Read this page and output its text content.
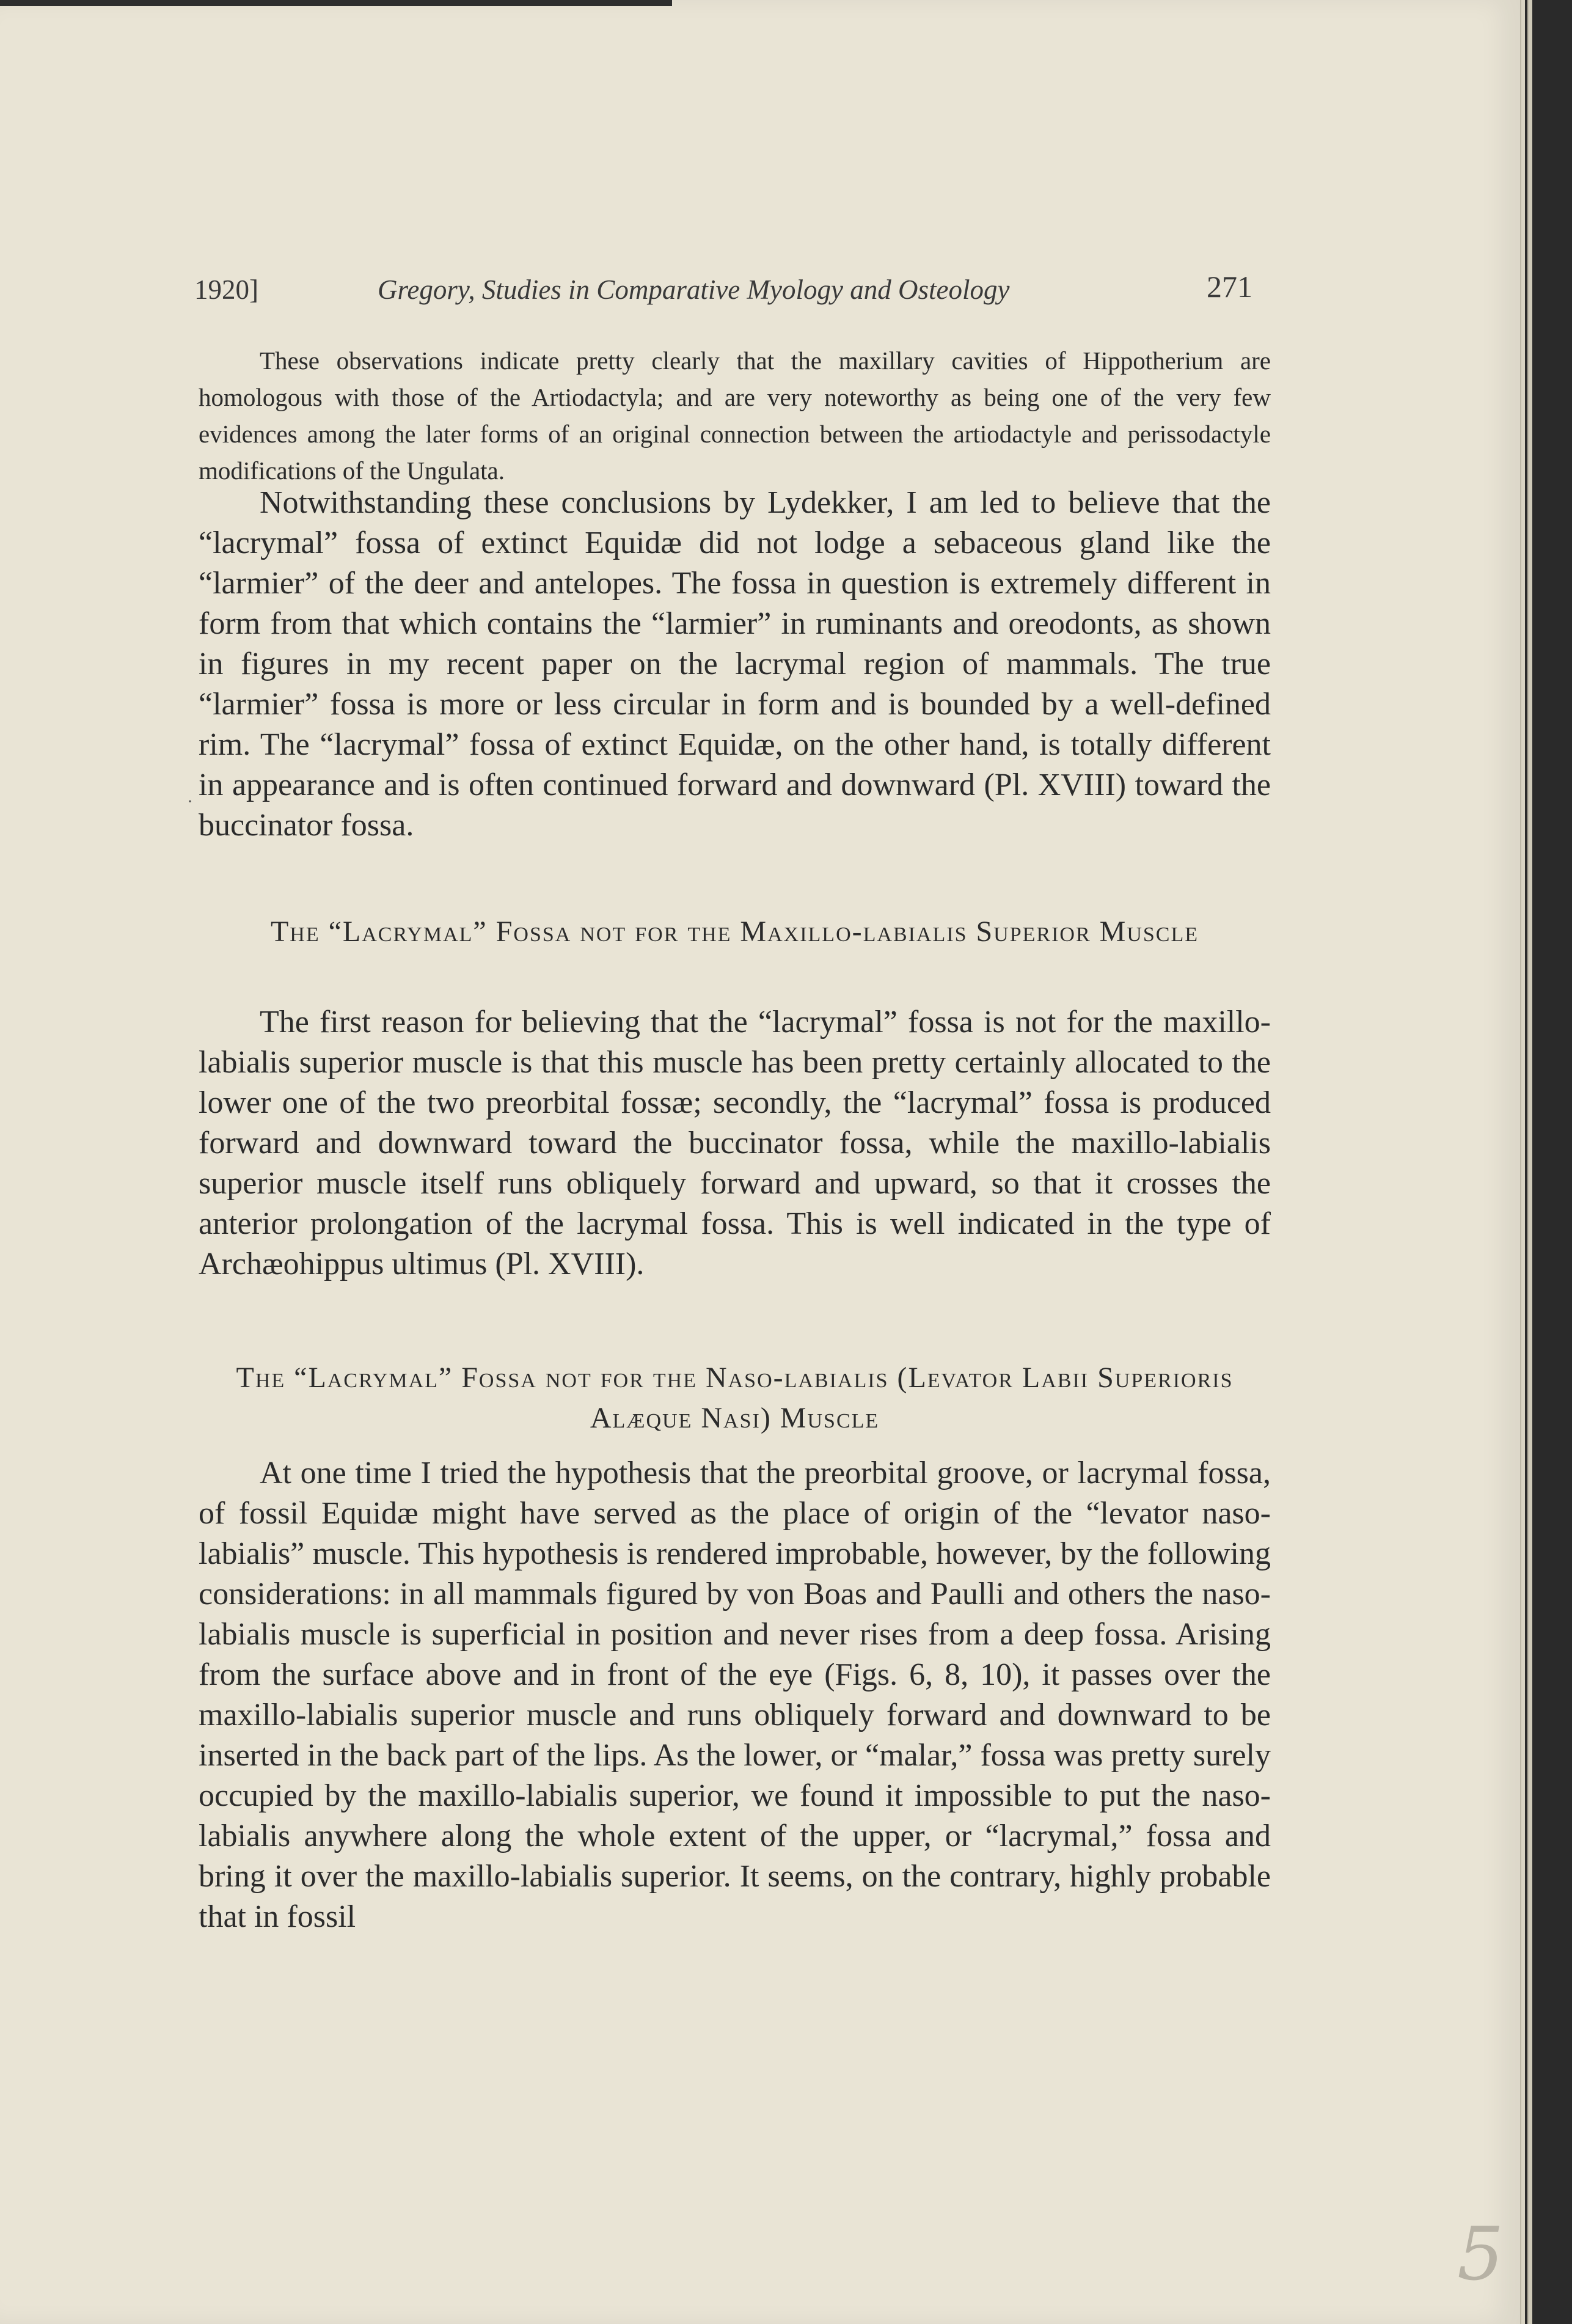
1920]	Gregory, Studies in Comparative Myology and Osteology	271
These observations indicate pretty clearly that the maxillary cavities of Hippotherium are homologous with those of the Artiodactyla; and are very noteworthy as being one of the very few evidences among the later forms of an original connection between the artiodactyle and perissodactyle modifications of the Ungulata.
Notwithstanding these conclusions by Lydekker, I am led to believe that the “lacrymal” fossa of extinct Equidæ did not lodge a sebaceous gland like the “larmier” of the deer and antelopes. The fossa in question is extremely different in form from that which contains the “larmier” in ruminants and oreodonts, as shown in figures in my recent paper on the lacrymal region of mammals. The true “larmier” fossa is more or less circular in form and is bounded by a well-defined rim. The “lacrymal” fossa of extinct Equidæ, on the other hand, is totally different in appearance and is often continued forward and downward (Pl. XVIII) toward the buccinator fossa.
·
The “Lacrymal” Fossa not for the Maxillo-labialis Superior Muscle
The first reason for believing that the “lacrymal” fossa is not for the maxillo-labialis superior muscle is that this muscle has been pretty certainly allocated to the lower one of the two preorbital fossæ; secondly, the “lacrymal” fossa is produced forward and downward toward the buccinator fossa, while the maxillo-labialis superior muscle itself runs obliquely forward and upward, so that it crosses the anterior prolongation of the lacrymal fossa. This is well indicated in the type of Archæohippus ultimus (Pl. XVIII).
The “Lacrymal” Fossa not for the Naso-labialis (Levator Labii Superioris Alæque Nasi) Muscle
At one time I tried the hypothesis that the preorbital groove, or lacrymal fossa, of fossil Equidæ might have served as the place of origin of the “levator naso-labialis” muscle. This hypothesis is rendered improbable, however, by the following considerations: in all mammals figured by von Boas and Paulli and others the naso-labialis muscle is superficial in position and never rises from a deep fossa. Arising from the surface above and in front of the eye (Figs. 6, 8, 10), it passes over the maxillo-labialis superior muscle and runs obliquely forward and downward to be inserted in the back part of the lips. As the lower, or “malar,” fossa was pretty surely occupied by the maxillo-labialis superior, we found it impossible to put the naso-labialis anywhere along the whole extent of the upper, or “lacrymal,” fossa and bring it over the maxillo-labialis superior. It seems, on the contrary, highly probable that in fossil
5
